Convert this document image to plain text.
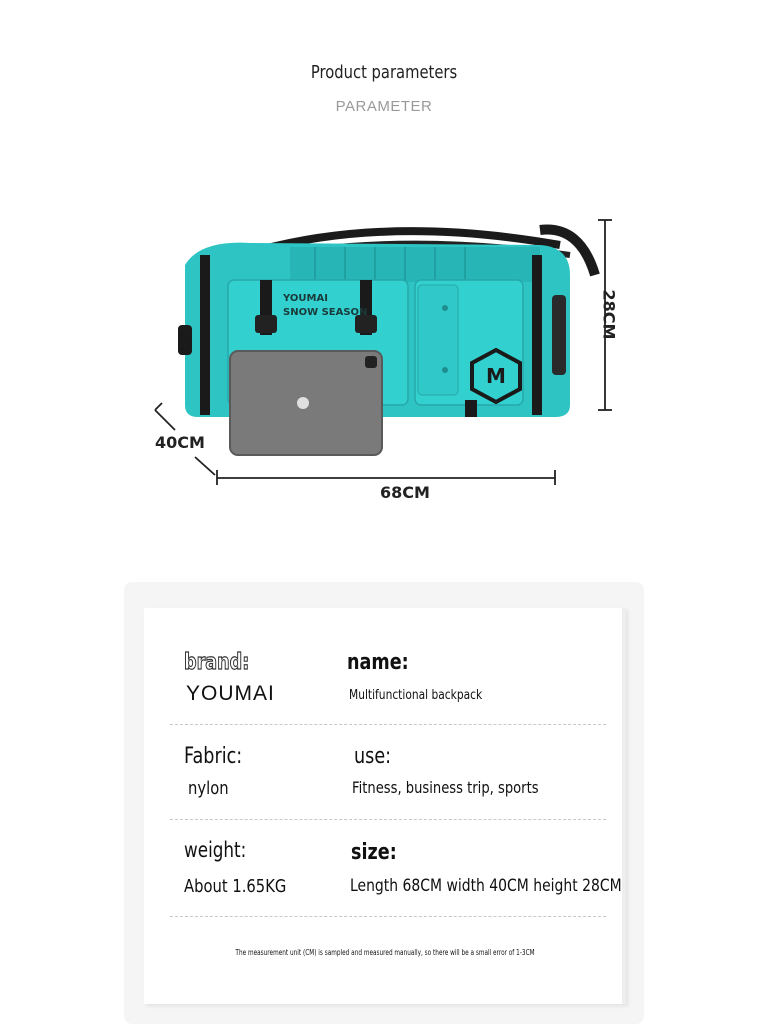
Product parameters
PARAMETER
M
YOUMAI
SNOW SEASON	28CM
40CM
68CM
brand:
YOUMAI
name:
Multifunctional backpack
Fabric:
nylon
use:
Fitness, business trip, sports
weight:
About 1.65KG
size:
Length 68CM width 40CM height 28CM
The measurement unit (CM) is sampled and measured manually, so there will be a small error of 1-3CM
